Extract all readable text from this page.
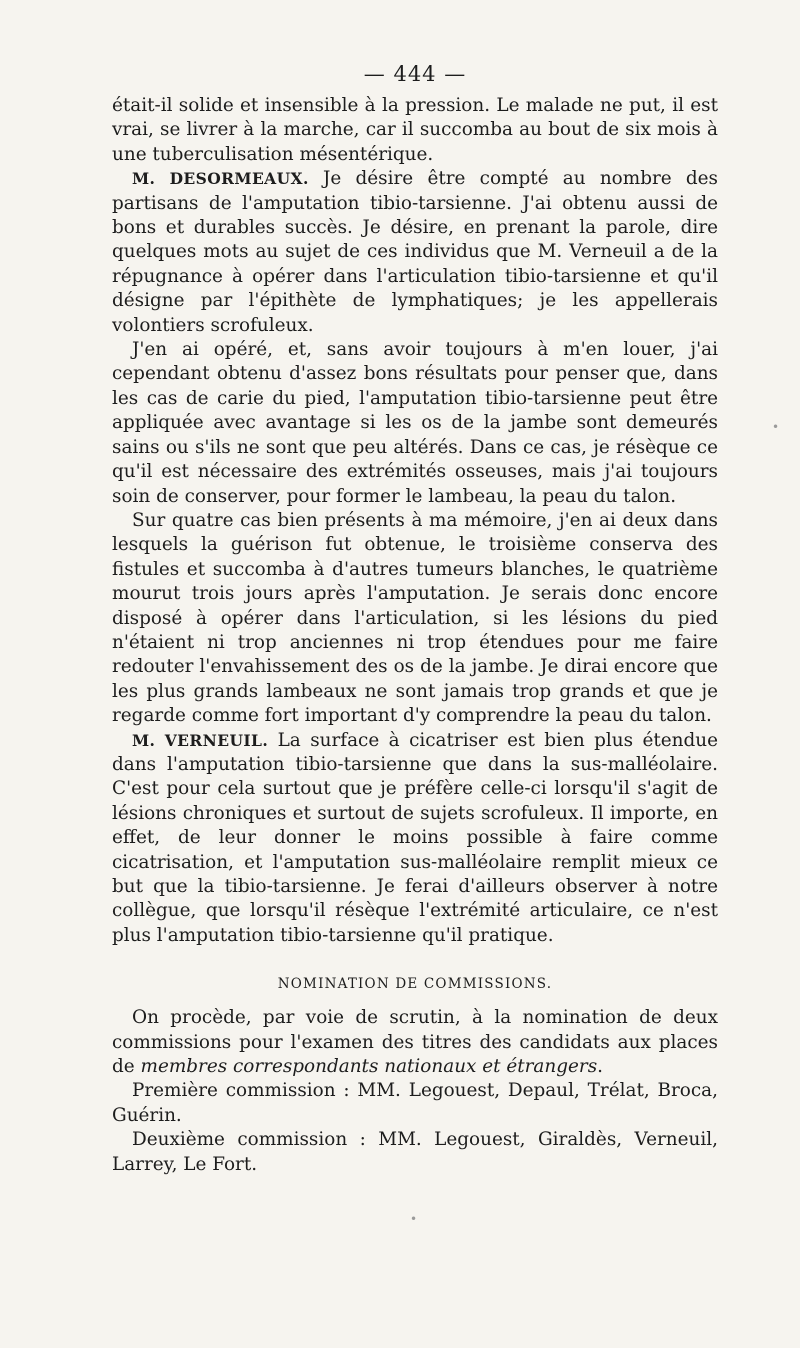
— 444 —

était-il solide et insensible à la pression. Le malade ne put, il est vrai, se livrer à la marche, car il succomba au bout de six mois à une tuberculisation mésentérique.

M. DESORMEAUX. Je désire être compté au nombre des partisans de l'amputation tibio-tarsienne. J'ai obtenu aussi de bons et durables succès. Je désire, en prenant la parole, dire quelques mots au sujet de ces individus que M. Verneuil a de la répugnance à opérer dans l'articulation tibio-tarsienne et qu'il désigne par l'épithète de lymphatiques; je les appellerais volontiers scrofuleux.

J'en ai opéré, et, sans avoir toujours à m'en louer, j'ai cependant obtenu d'assez bons résultats pour penser que, dans les cas de carie du pied, l'amputation tibio-tarsienne peut être appliquée avec avantage si les os de la jambe sont demeurés sains ou s'ils ne sont que peu altérés. Dans ce cas, je résèque ce qu'il est nécessaire des extrémités osseuses, mais j'ai toujours soin de conserver, pour former le lambeau, la peau du talon.

Sur quatre cas bien présents à ma mémoire, j'en ai deux dans lesquels la guérison fut obtenue, le troisième conserva des fistules et succomba à d'autres tumeurs blanches, le quatrième mourut trois jours après l'amputation. Je serais donc encore disposé à opérer dans l'articulation, si les lésions du pied n'étaient ni trop anciennes ni trop étendues pour me faire redouter l'envahissement des os de la jambe. Je dirai encore que les plus grands lambeaux ne sont jamais trop grands et que je regarde comme fort important d'y comprendre la peau du talon.

M. VERNEUIL. La surface à cicatriser est bien plus étendue dans l'amputation tibio-tarsienne que dans la sus-malléolaire. C'est pour cela surtout que je préfère celle-ci lorsqu'il s'agit de lésions chroniques et surtout de sujets scrofuleux. Il importe, en effet, de leur donner le moins possible à faire comme cicatrisation, et l'amputation sus-malléolaire remplit mieux ce but que la tibio-tarsienne. Je ferai d'ailleurs observer à notre collègue, que lorsqu'il résèque l'extrémité articulaire, ce n'est plus l'amputation tibio-tarsienne qu'il pratique.

NOMINATION DE COMMISSIONS.

On procède, par voie de scrutin, à la nomination de deux commissions pour l'examen des titres des candidats aux places de membres correspondants nationaux et étrangers.

Première commission : MM. Legouest, Depaul, Trélat, Broca, Guérin.

Deuxième commission : MM. Legouest, Giraldès, Verneuil, Larrey, Le Fort.

•
•
